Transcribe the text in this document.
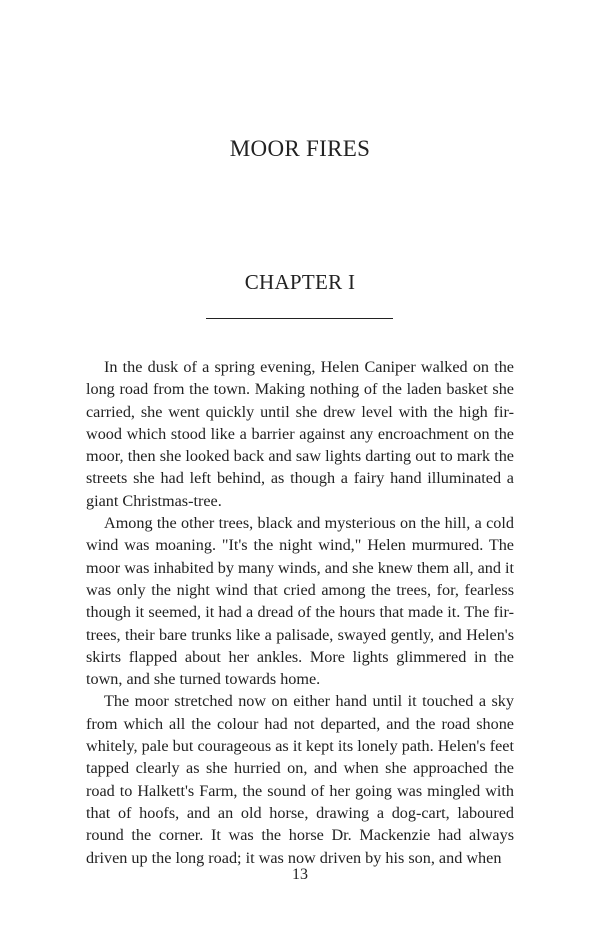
MOOR FIRES
CHAPTER I

In the dusk of a spring evening, Helen Caniper walked on the long road from the town. Making nothing of the laden basket she carried, she went quickly until she drew level with the high fir-wood which stood like a barrier against any encroachment on the moor, then she looked back and saw lights darting out to mark the streets she had left behind, as though a fairy hand illuminated a giant Christmas-tree.

Among the other trees, black and mysterious on the hill, a cold wind was moaning. "It's the night wind," Helen murmured. The moor was inhabited by many winds, and she knew them all, and it was only the night wind that cried among the trees, for, fearless though it seemed, it had a dread of the hours that made it. The fir-trees, their bare trunks like a palisade, swayed gently, and Helen's skirts flapped about her ankles. More lights glimmered in the town, and she turned towards home.

The moor stretched now on either hand until it touched a sky from which all the colour had not departed, and the road shone whitely, pale but courageous as it kept its lonely path. Helen's feet tapped clearly as she hurried on, and when she approached the road to Halkett's Farm, the sound of her going was mingled with that of hoofs, and an old horse, drawing a dog-cart, laboured round the corner. It was the horse Dr. Mackenzie had always driven up the long road; it was now driven by his son, and when

13
